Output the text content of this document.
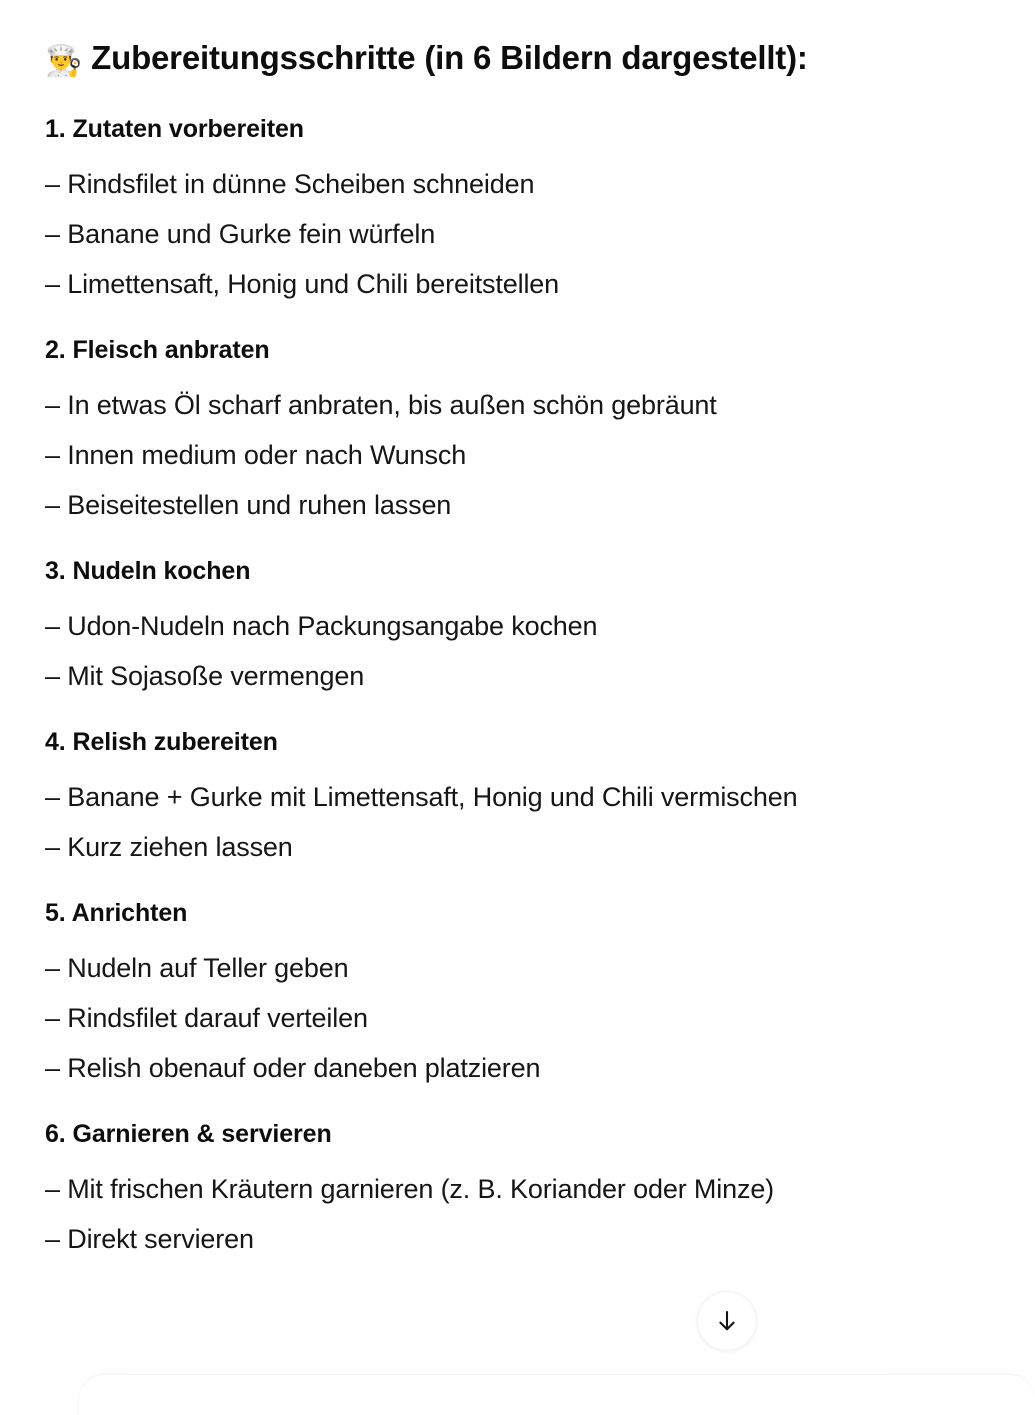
👨‍🍳 Zubereitungsschritte (in 6 Bildern dargestellt):
1. Zutaten vorbereiten
– Rindsfilet in dünne Scheiben schneiden
– Banane und Gurke fein würfeln
– Limettensaft, Honig und Chili bereitstellen
2. Fleisch anbraten
– In etwas Öl scharf anbraten, bis außen schön gebräunt
– Innen medium oder nach Wunsch
– Beiseitestellen und ruhen lassen
3. Nudeln kochen
– Udon-Nudeln nach Packungsangabe kochen
– Mit Sojasoße vermengen
4. Relish zubereiten
– Banane + Gurke mit Limettensaft, Honig und Chili vermischen
– Kurz ziehen lassen
5. Anrichten
– Nudeln auf Teller geben
– Rindsfilet darauf verteilen
– Relish obenauf oder daneben platzieren
6. Garnieren & servieren
– Mit frischen Kräutern garnieren (z. B. Koriander oder Minze)
– Direkt servieren
